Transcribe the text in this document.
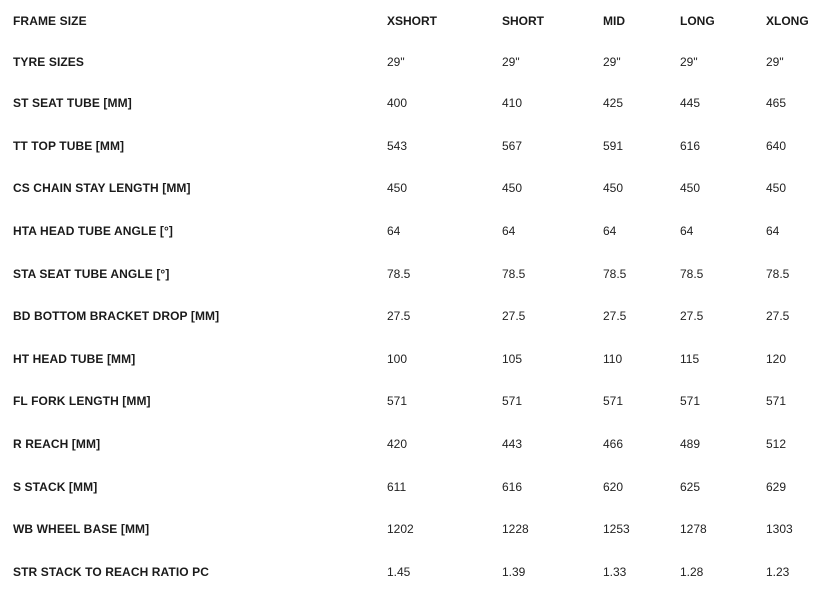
FRAME SIZE	XSHORT	SHORT	MID	LONG	XLONG
TYRE SIZES	29"	29"	29"	29"	29"
ST SEAT TUBE [MM]	400	410	425	445	465
TT TOP TUBE [MM]	543	567	591	616	640
CS CHAIN STAY LENGTH [MM]	450	450	450	450	450
HTA HEAD TUBE ANGLE [°]	64	64	64	64	64
STA SEAT TUBE ANGLE [°]	78.5	78.5	78.5	78.5	78.5
BD BOTTOM BRACKET DROP [MM]	27.5	27.5	27.5	27.5	27.5
HT HEAD TUBE [MM]	100	105	110	115	120
FL FORK LENGTH [MM]	571	571	571	571	571
R REACH [MM]	420	443	466	489	512
S STACK [MM]	611	616	620	625	629
WB WHEEL BASE [MM]	1202	1228	1253	1278	1303
STR STACK TO REACH RATIO PC	1.45	1.39	1.33	1.28	1.23
